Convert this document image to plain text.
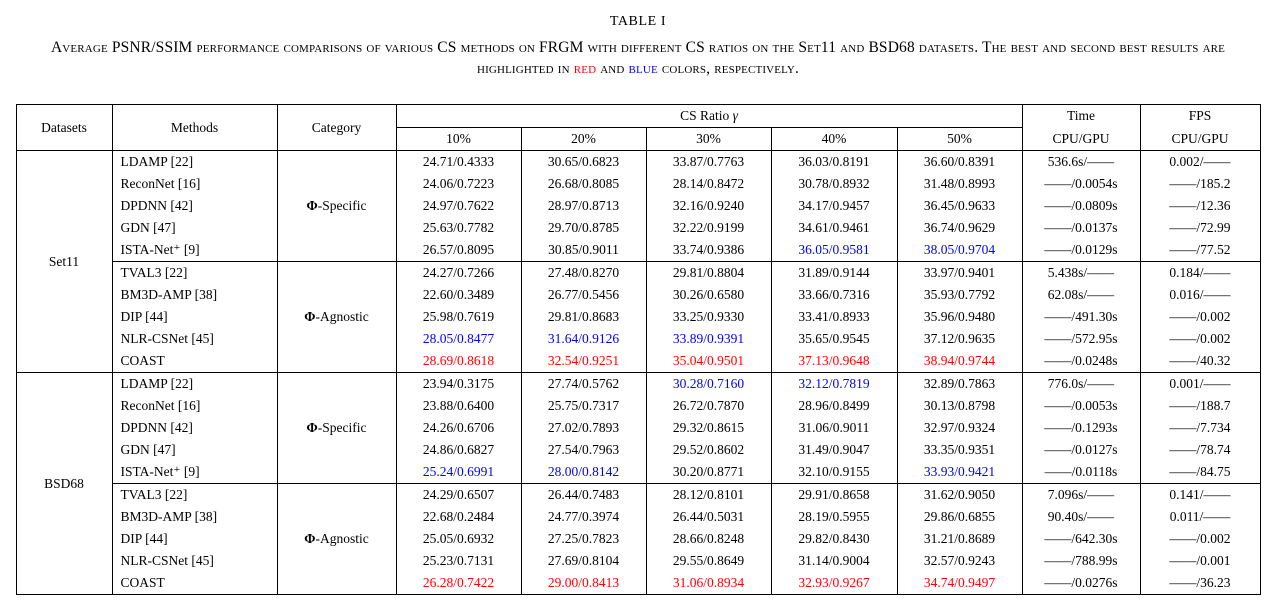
TABLE I
Average PSNR/SSIM performance comparisons of various CS methods on FRGM with different CS ratios on the Set11 and BSD68 datasets. The best and second best results are highlighted in red and blue colors, respectively.
Datasets	Methods	Category	CS Ratio γ					Time	FPS
			10%	20%	30%	40%	50%	CPU/GPU	CPU/GPU
Set11	LDAMP [22]	Φ-Specific	24.71/0.4333	30.65/0.6823	33.87/0.7763	36.03/0.8191	36.60/0.8391	536.6s/——	0.002/——
	ReconNet [16]		24.06/0.7223	26.68/0.8085	28.14/0.8472	30.78/0.8932	31.48/0.8993	——/0.0054s	——/185.2
	DPDNN [42]		24.97/0.7622	28.97/0.8713	32.16/0.9240	34.17/0.9457	36.45/0.9633	——/0.0809s	——/12.36
	GDN [47]		25.63/0.7782	29.70/0.8785	32.22/0.9199	34.61/0.9461	36.74/0.9629	——/0.0137s	——/72.99
	ISTA-Net⁺ [9]		26.57/0.8095	30.85/0.9011	33.74/0.9386	36.05/0.9581	38.05/0.9704	——/0.0129s	——/77.52
	TVAL3 [22]	Φ-Agnostic	24.27/0.7266	27.48/0.8270	29.81/0.8804	31.89/0.9144	33.97/0.9401	5.438s/——	0.184/——
	BM3D-AMP [38]		22.60/0.3489	26.77/0.5456	30.26/0.6580	33.66/0.7316	35.93/0.7792	62.08s/——	0.016/——
	DIP [44]		25.98/0.7619	29.81/0.8683	33.25/0.9330	33.41/0.8933	35.96/0.9480	——/491.30s	——/0.002
	NLR-CSNet [45]		28.05/0.8477	31.64/0.9126	33.89/0.9391	35.65/0.9545	37.12/0.9635	——/572.95s	——/0.002
	COAST		28.69/0.8618	32.54/0.9251	35.04/0.9501	37.13/0.9648	38.94/0.9744	——/0.0248s	——/40.32
BSD68	LDAMP [22]	Φ-Specific	23.94/0.3175	27.74/0.5762	30.28/0.7160	32.12/0.7819	32.89/0.7863	776.0s/——	0.001/——
	ReconNet [16]		23.88/0.6400	25.75/0.7317	26.72/0.7870	28.96/0.8499	30.13/0.8798	——/0.0053s	——/188.7
	DPDNN [42]		24.26/0.6706	27.02/0.7893	29.32/0.8615	31.06/0.9011	32.97/0.9324	——/0.1293s	——/7.734
	GDN [47]		24.86/0.6827	27.54/0.7963	29.52/0.8602	31.49/0.9047	33.35/0.9351	——/0.0127s	——/78.74
	ISTA-Net⁺ [9]		25.24/0.6991	28.00/0.8142	30.20/0.8771	32.10/0.9155	33.93/0.9421	——/0.0118s	——/84.75
	TVAL3 [22]	Φ-Agnostic	24.29/0.6507	26.44/0.7483	28.12/0.8101	29.91/0.8658	31.62/0.9050	7.096s/——	0.141/——
	BM3D-AMP [38]		22.68/0.2484	24.77/0.3974	26.44/0.5031	28.19/0.5955	29.86/0.6855	90.40s/——	0.011/——
	DIP [44]		25.05/0.6932	27.25/0.7823	28.66/0.8248	29.82/0.8430	31.21/0.8689	——/642.30s	——/0.002
	NLR-CSNet [45]		25.23/0.7131	27.69/0.8104	29.55/0.8649	31.14/0.9004	32.57/0.9243	——/788.99s	——/0.001
	COAST		26.28/0.7422	29.00/0.8413	31.06/0.8934	32.93/0.9267	34.74/0.9497	——/0.0276s	——/36.23
